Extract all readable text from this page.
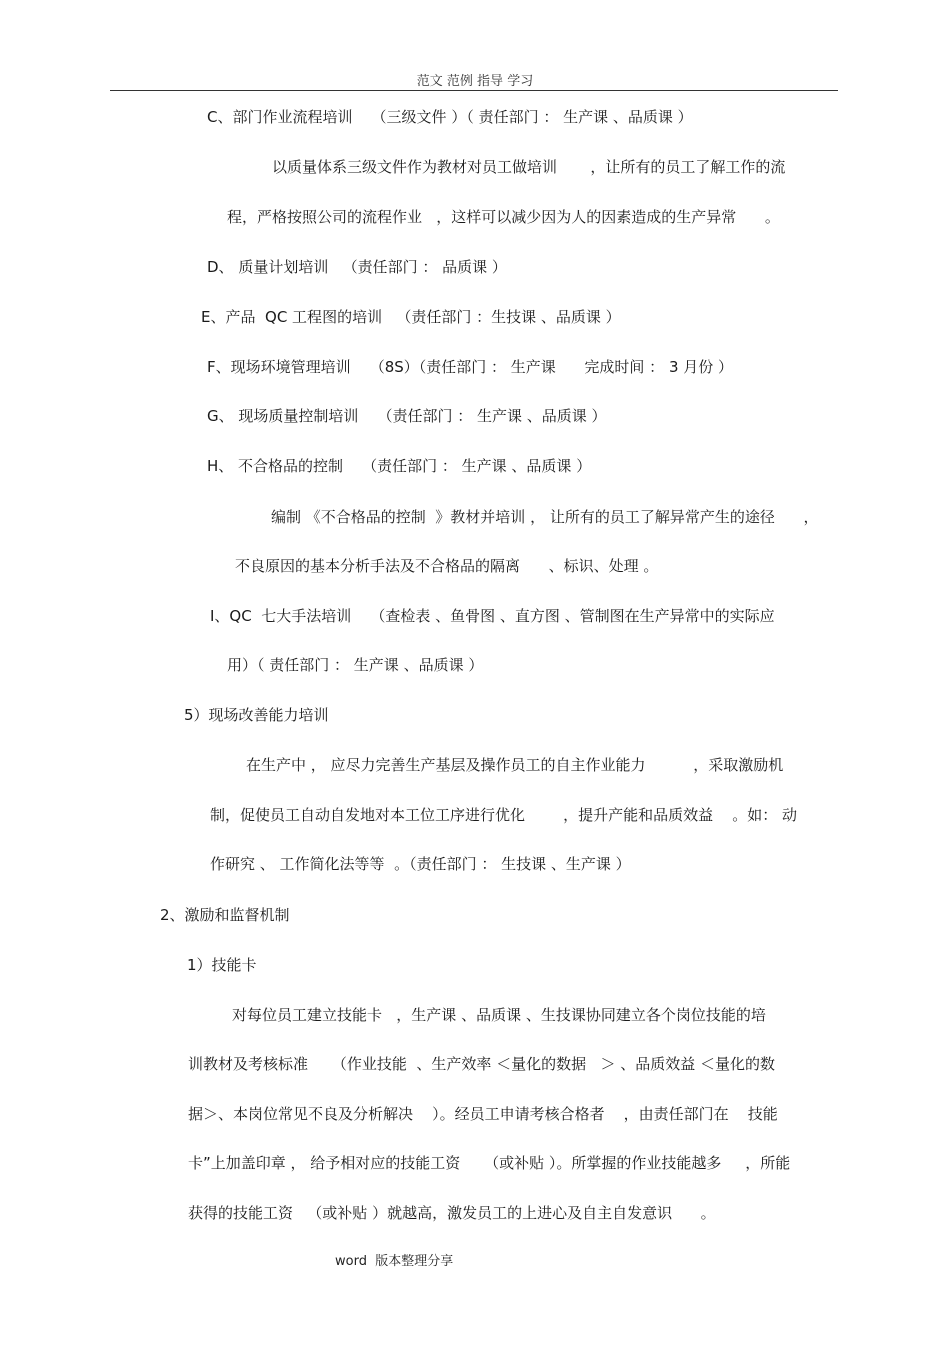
范文 范例 指导 学习
C、部门作业流程培训    （三级文件 ）（ 责任部门 ： 生产课 、品质课 ）
以质量体系三级文件作为教材对员工做培训       ，让所有的员工了解工作的流
程，严格按照公司的流程作业   ，这样可以减少因为人的因素造成的生产异常      。
D、 质量计划培训   （责任部门 ： 品质课 ）
E、产品  QC 工程图的培训   （责任部门 ：生技课 、品质课 ）
F、现场环境管理培训    （8S）（责任部门 ： 生产课      完成时间 ： 3 月份 ）
G、 现场质量控制培训    （责任部门 ： 生产课 、品质课 ）
H、 不合格品的控制    （责任部门 ： 生产课 、品质课 ）
编制 《不合格品的控制  》教材并培训 ， 让所有的员工了解异常产生的途径      ，
不良原因的基本分析手法及不合格品的隔离      、标识、处理 。
I、QC  七大手法培训    （查检表 、鱼骨图 、直方图 、管制图在生产异常中的实际应
用）（ 责任部门 ： 生产课 、品质课 ）
5）现场改善能力培训
在生产中 ， 应尽力完善生产基层及操作员工的自主作业能力          ，采取激励机
制，促使员工自动自发地对本工位工序进行优化        ，提升产能和品质效益    。如： 动
作研究 、 工作简化法等等  。（责任部门 ： 生技课 、生产课 ）
2、激励和监督机制
1）技能卡
对每位员工建立技能卡   ，生产课 、品质课 、生技课协同建立各个岗位技能的培
训教材及考核标准     （作业技能  、生产效率 ＜量化的数据   ＞ 、品质效益 ＜量化的数
据＞、本岗位常见不良及分析解决    ）。经员工申请考核合格者    ，由责任部门在    技能
卡”上加盖印章 ， 给予相对应的技能工资     （或补贴 ）。所掌握的作业技能越多     ，所能
获得的技能工资   （或补贴 ）就越高，激发员工的上进心及自主自发意识      。
word  版本整理分享
